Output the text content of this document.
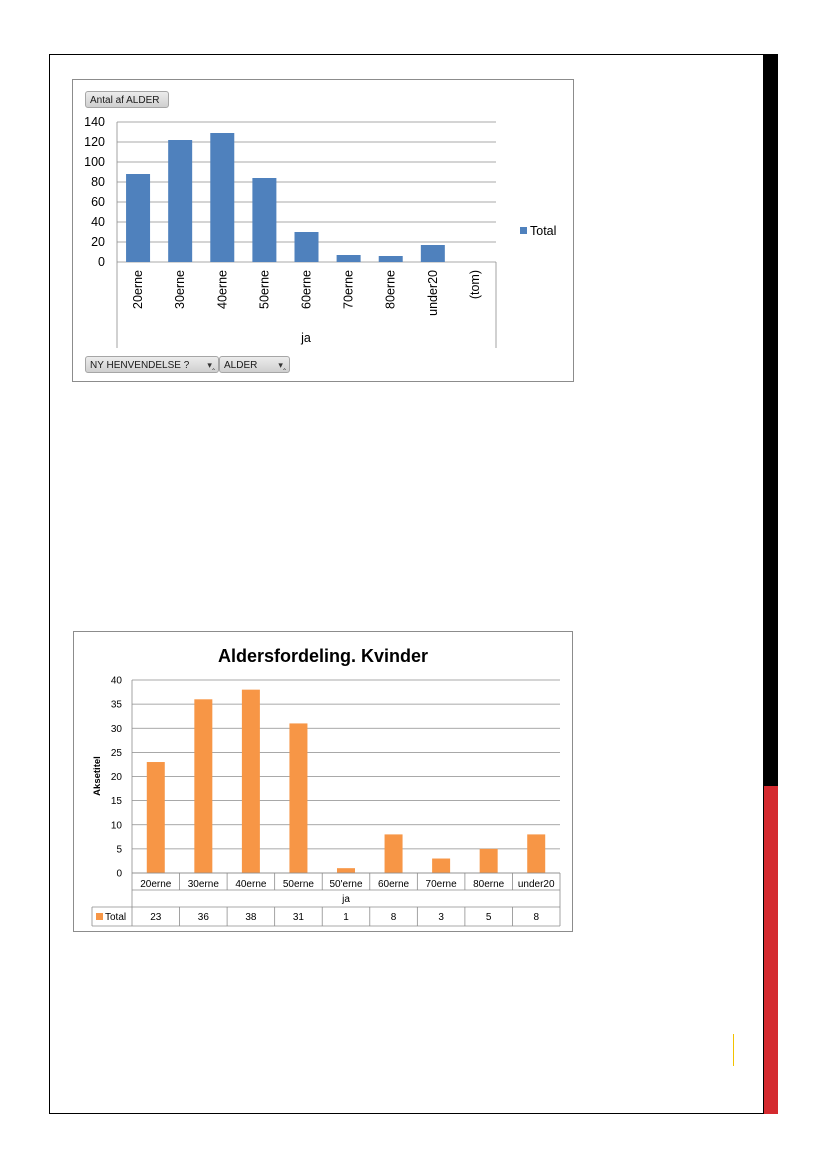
Antal af ALDER
0
20
40
60
80
100
120
140
20erne 30erne 40erne 50erne 60erne 70erne 80erne under20 (tom)
ja
Total
NY HENVENDELSE ? ▾‸ ALDER ▾‸
Aldersfordeling. Kvinder
0
5
10
15
20
25
30
35
40
Aksetitel
20erne
23
30erne
36
40erne
38
50erne
31
50'erne
1
60erne
8
70erne
3
80erne
5
under20
8
ja
Total
